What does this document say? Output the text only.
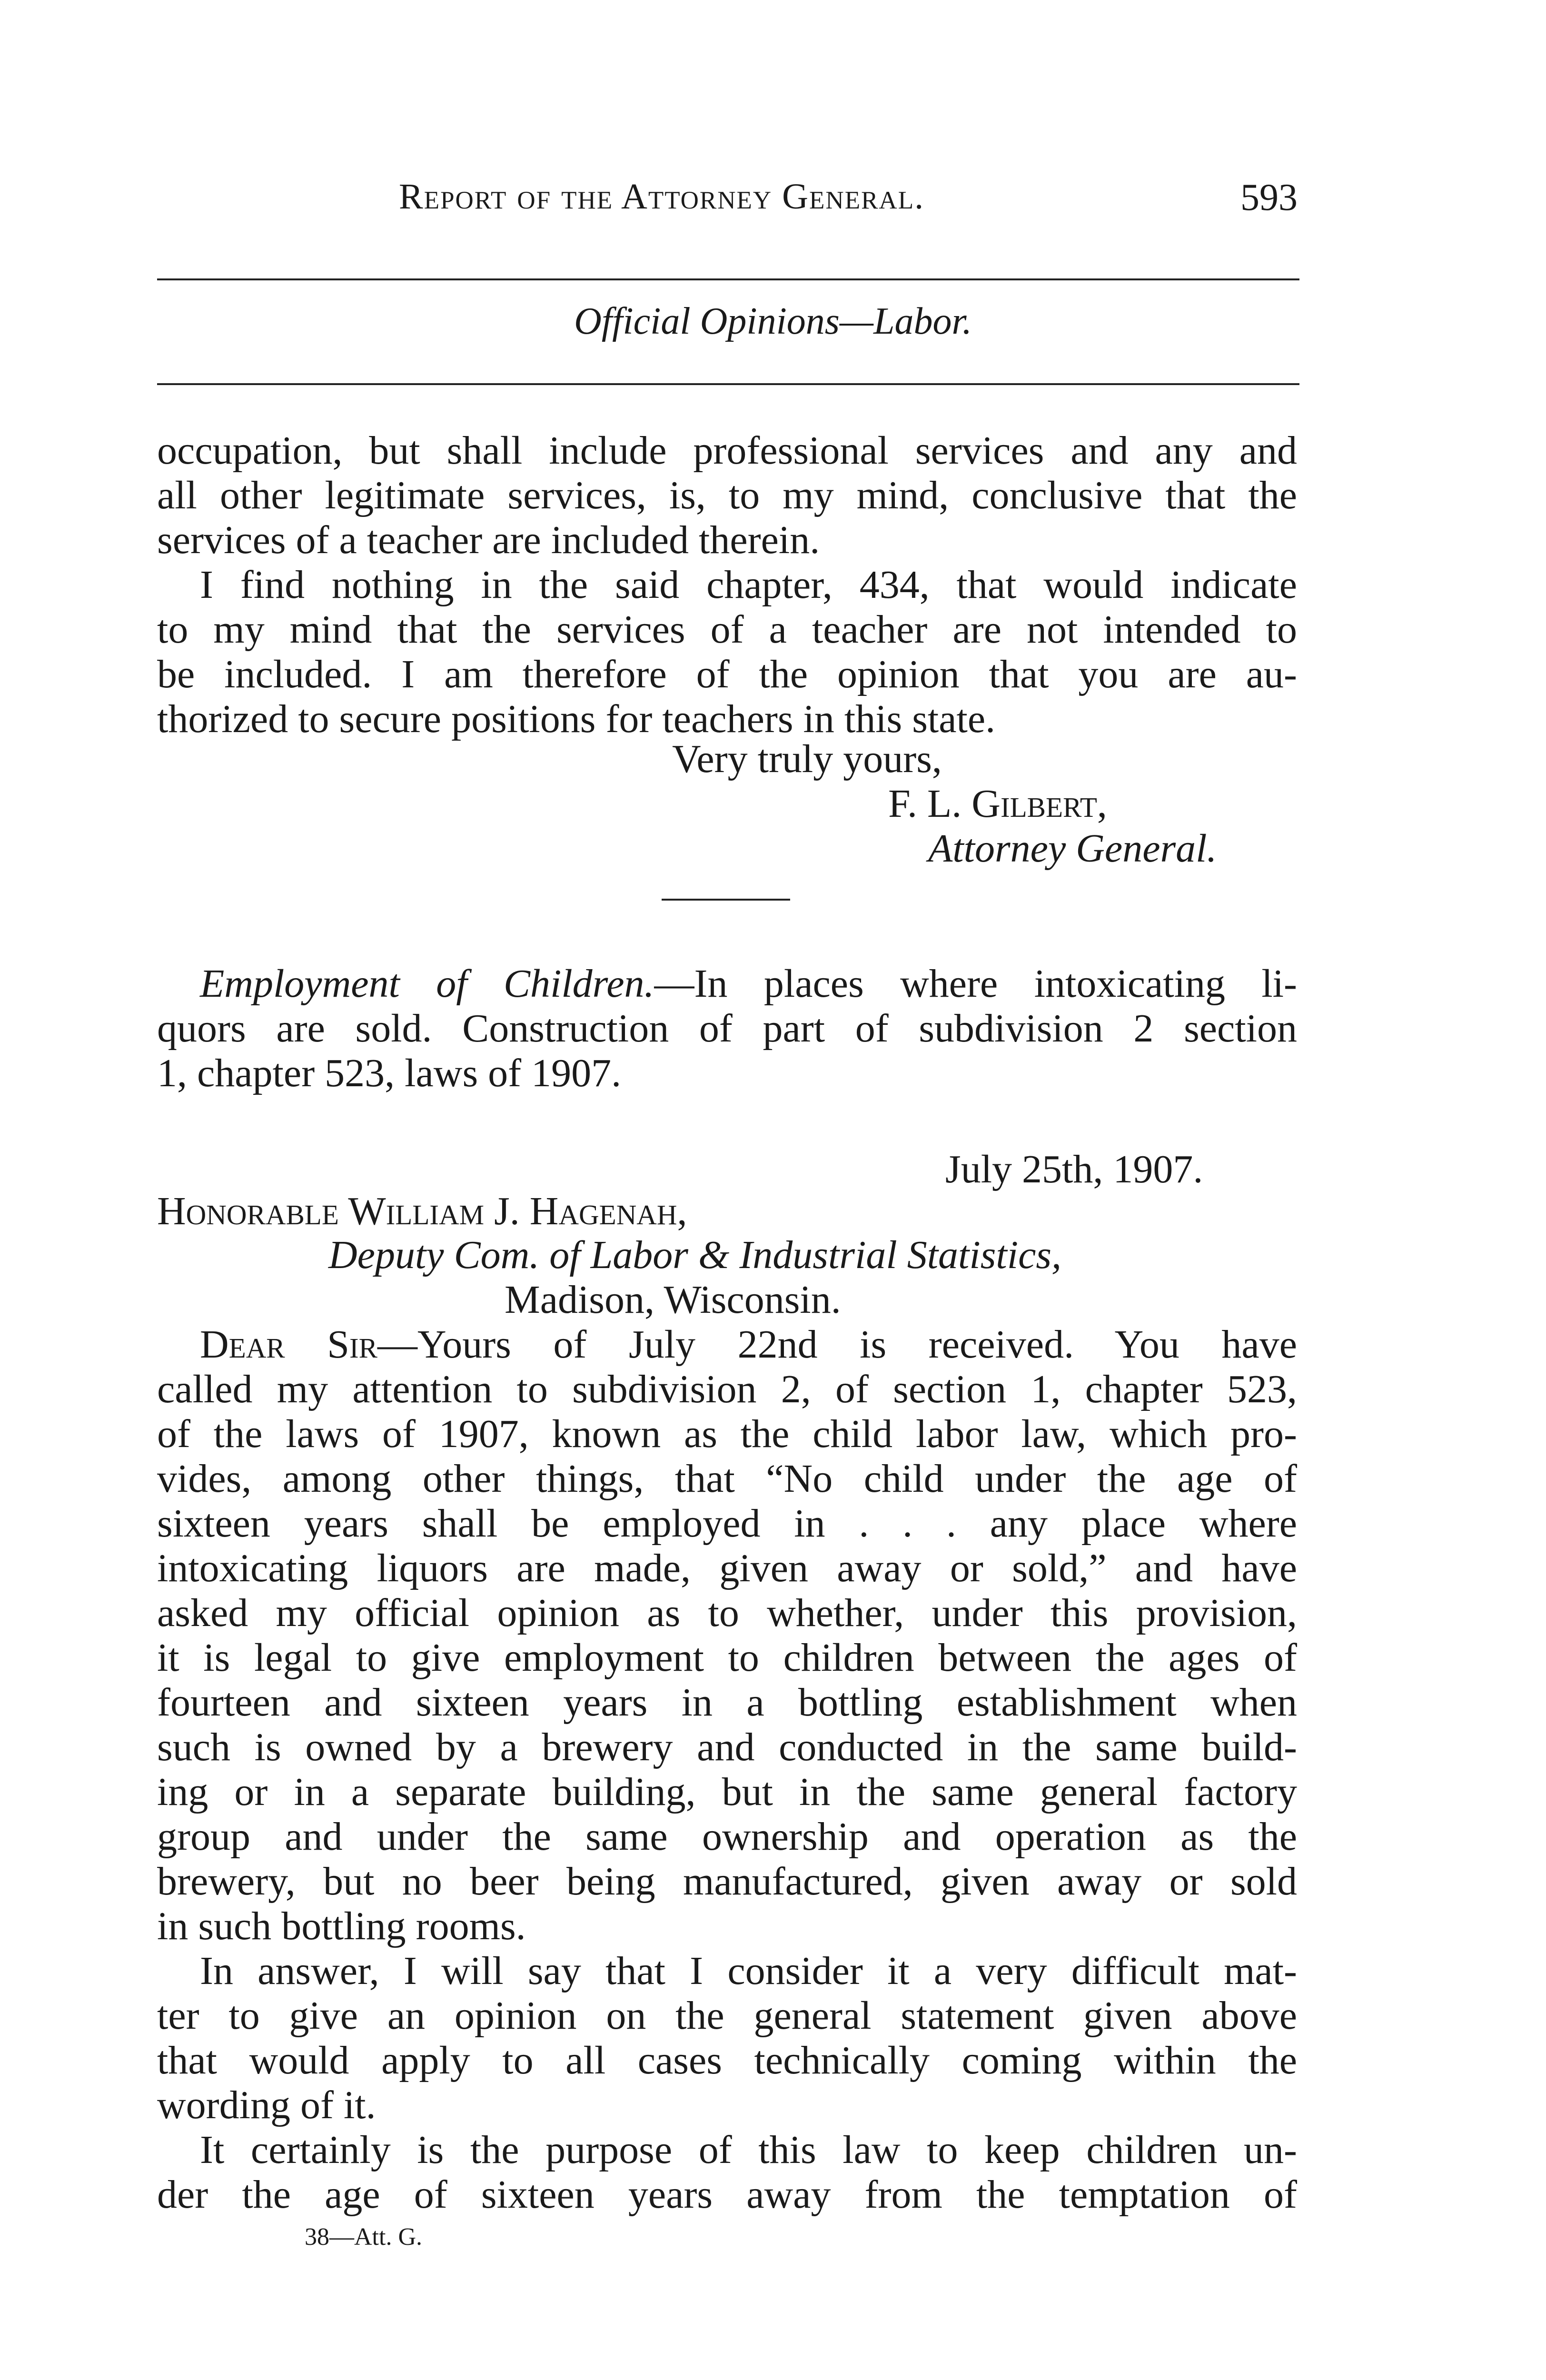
Report of the Attorney General.	593
Official Opinions—Labor.
occupation, but shall include professional services and any and
all other legitimate services, is, to my mind, conclusive that the
services of a teacher are included therein.
I find nothing in the said chapter, 434, that would indicate
to my mind that the services of a teacher are not intended to
be included. I am therefore of the opinion that you are au-
thorized to secure positions for teachers in this state.
Very truly yours,
F. L. Gilbert,
Attorney General.
Employment of Children.—In places where intoxicating li-
quors are sold. Construction of part of subdivision 2 section
1, chapter 523, laws of 1907.
July 25th, 1907.
Honorable William J. Hagenah,
Deputy Com. of Labor & Industrial Statistics,
Madison, Wisconsin.
Dear Sir—Yours of July 22nd is received. You have
called my attention to subdivision 2, of section 1, chapter 523,
of the laws of 1907, known as the child labor law, which pro-
vides, among other things, that “No child under the age of
sixteen years shall be employed in . . . any place where
intoxicating liquors are made, given away or sold,” and have
asked my official opinion as to whether, under this provision,
it is legal to give employment to children between the ages of
fourteen and sixteen years in a bottling establishment when
such is owned by a brewery and conducted in the same build-
ing or in a separate building, but in the same general factory
group and under the same ownership and operation as the
brewery, but no beer being manufactured, given away or sold
in such bottling rooms.
In answer, I will say that I consider it a very difficult mat-
ter to give an opinion on the general statement given above
that would apply to all cases technically coming within the
wording of it.
It certainly is the purpose of this law to keep children un-
der the age of sixteen years away from the temptation of
38—Att. G.
